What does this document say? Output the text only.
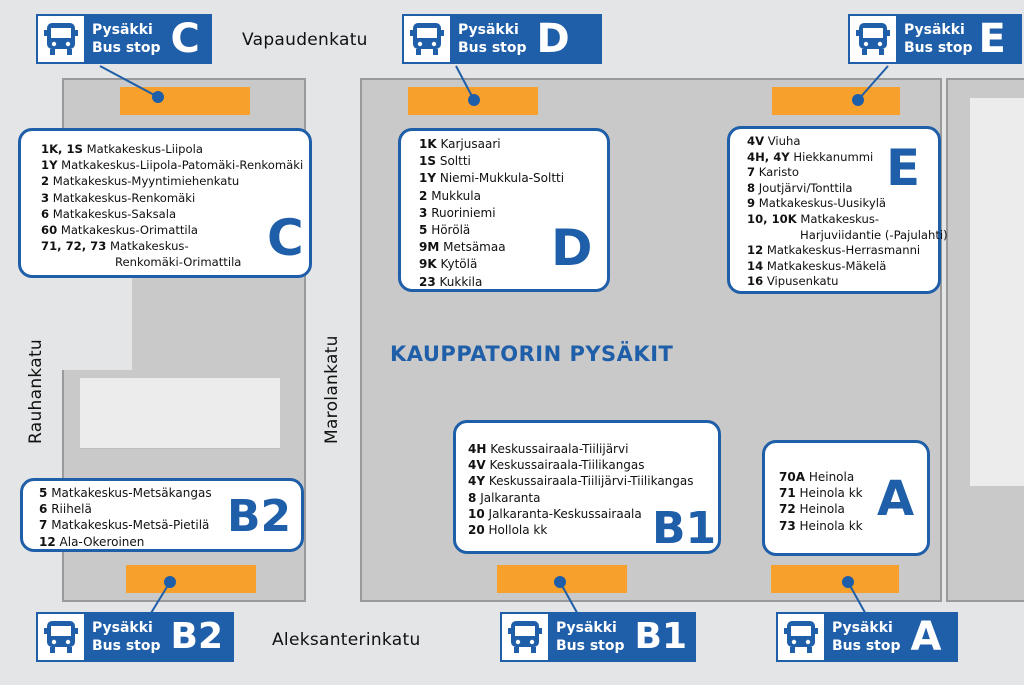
Vapaudenkatu
Aleksanterinkatu
Rauhankatu	Marolankatu KAUPPATORIN PYSÄKIT
Pysäkki
Bus stop C	Pysäkki
Bus stop D	Pysäkki
Bus stop E
Pysäkki
Bus stop B2	Pysäkki
Bus stop B1	Pysäkki
Bus stop A
1K, 1S Matkakeskus-Liipola
1Y Matkakeskus-Liipola-Patomäki-Renkomäki
2 Matkakeskus-Myyntimiehenkatu
3 Matkakeskus-Renkomäki
6 Matkakeskus-Saksala
60 Matkakeskus-Orimattila
71, 72, 73 Matkakeskus-
Renkomäki-Orimattila C
1K Karjusaari
1S Soltti
1Y Niemi-Mukkula-Soltti
2 Mukkula
3 Ruoriniemi
5 Hörölä
9M Metsämaa
9K Kytölä
23 Kukkila
D
4V Viuha
4H, 4Y Hiekkanummi
7 Karisto
8 Joutjärvi/Tonttila
9 Matkakeskus-Uusikylä
10, 10K Matkakeskus-
Harjuviidantie (-Pajulahti)
12 Matkakeskus-Herrasmanni
14 Matkakeskus-Mäkelä
16 Vipusenkatu
E
5 Matkakeskus-Metsäkangas
6 Riihelä
7 Matkakeskus-Metsä-Pietilä
12 Ala-Okeroinen	B2
4H Keskussairaala-Tiilijärvi
4V Keskussairaala-Tiilikangas
4Y Keskussairaala-Tiilijärvi-Tiilikangas
8 Jalkaranta
10 Jalkaranta-Keskussairaala
20 Hollola kk	B1
70A Heinola
71 Heinola kk
72 Heinola
73 Heinola kk A
